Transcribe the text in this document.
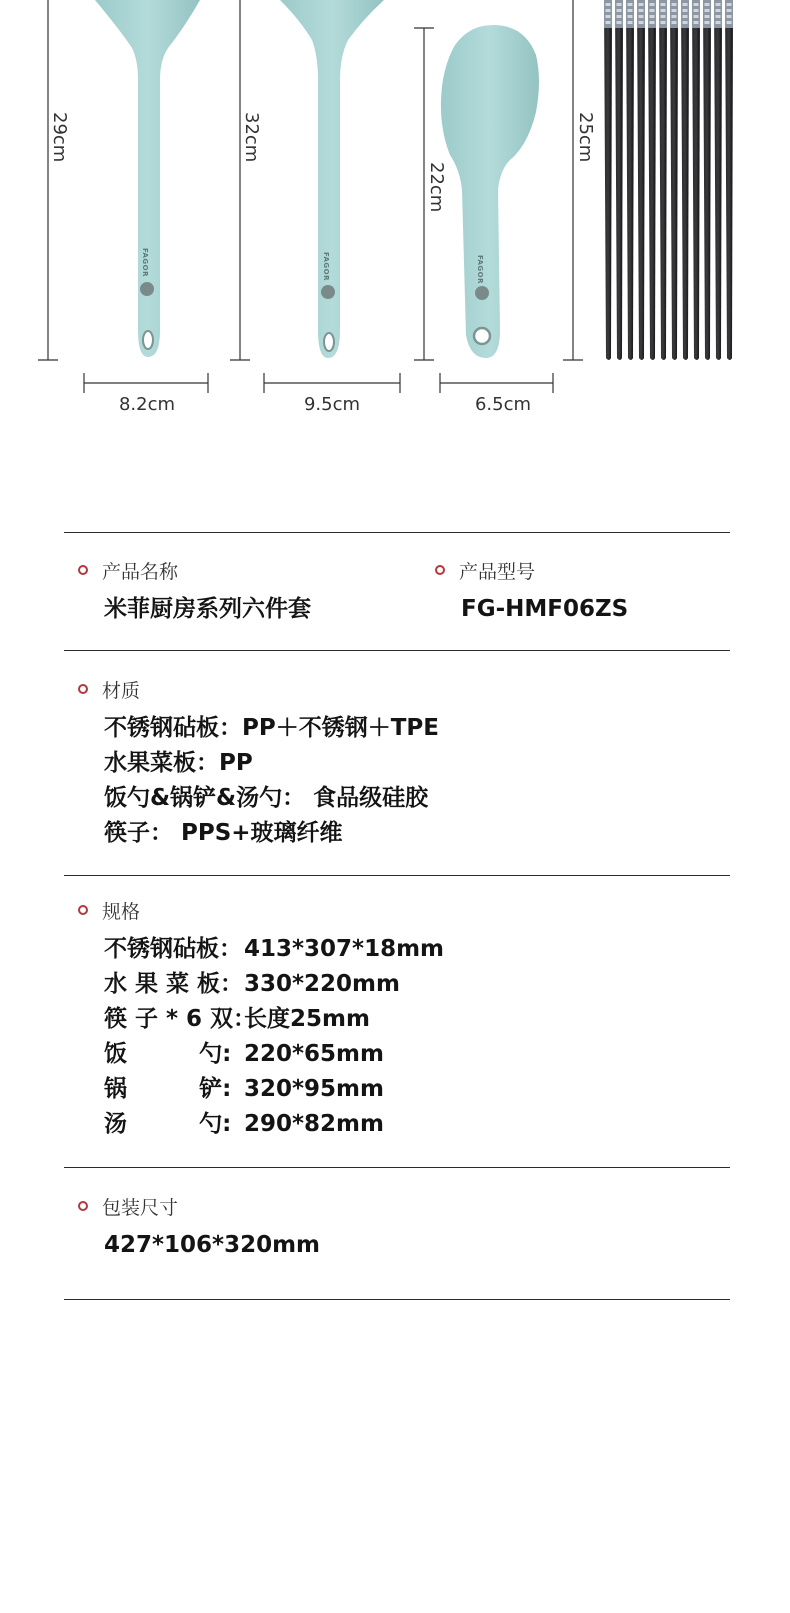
29cm
FAGOR
8.2cm
32cm
FAGOR
9.5cm
22cm
FAGOR
6.5cm
25cm
产品名称
米菲厨房系列六件套
产品型号
FG-HMF06ZS
材质
不锈钢砧板：PP＋不锈钢＋TPE
水果菜板：PP
饭勺&锅铲&汤勺： 食品级硅胶
筷子： PPS+玻璃纤维
规格
不锈钢砧板： 413*307*18mm
水 果 菜 板： 330*220mm
筷 子 * 6 双：
长度25mm
饭         勺: 220*65mm
锅         铲: 320*95mm
汤         勺: 290*82mm
包装尺寸
427*106*320mm
